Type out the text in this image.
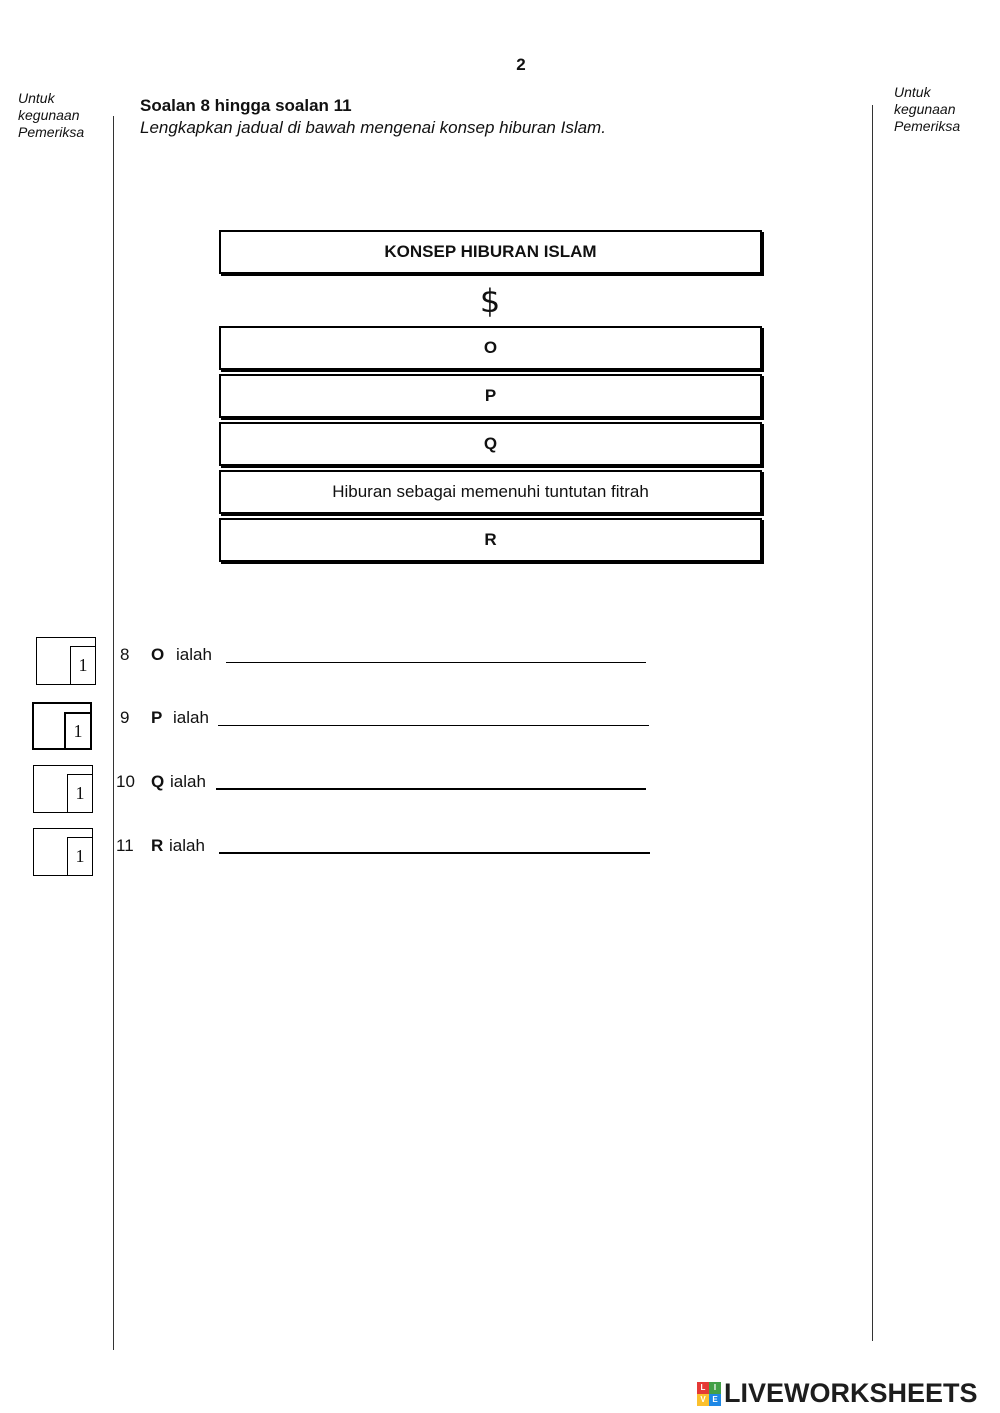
2
Untuk
kegunaan
Pemeriksa
Untuk
kegunaan
Pemeriksa
Soalan 8 hingga soalan 11
Lengkapkan jadual di bawah mengenai konsep hiburan Islam.
KONSEP HIBURAN ISLAM
$
O
P
Q
Hiburan sebagai memenuhi tuntutan fitrah
R
1
8 O ialah
1
9 P ialah
1
10 Q ialah
1
11 R ialah
L	I
V E LIVEWORKSHEETS
